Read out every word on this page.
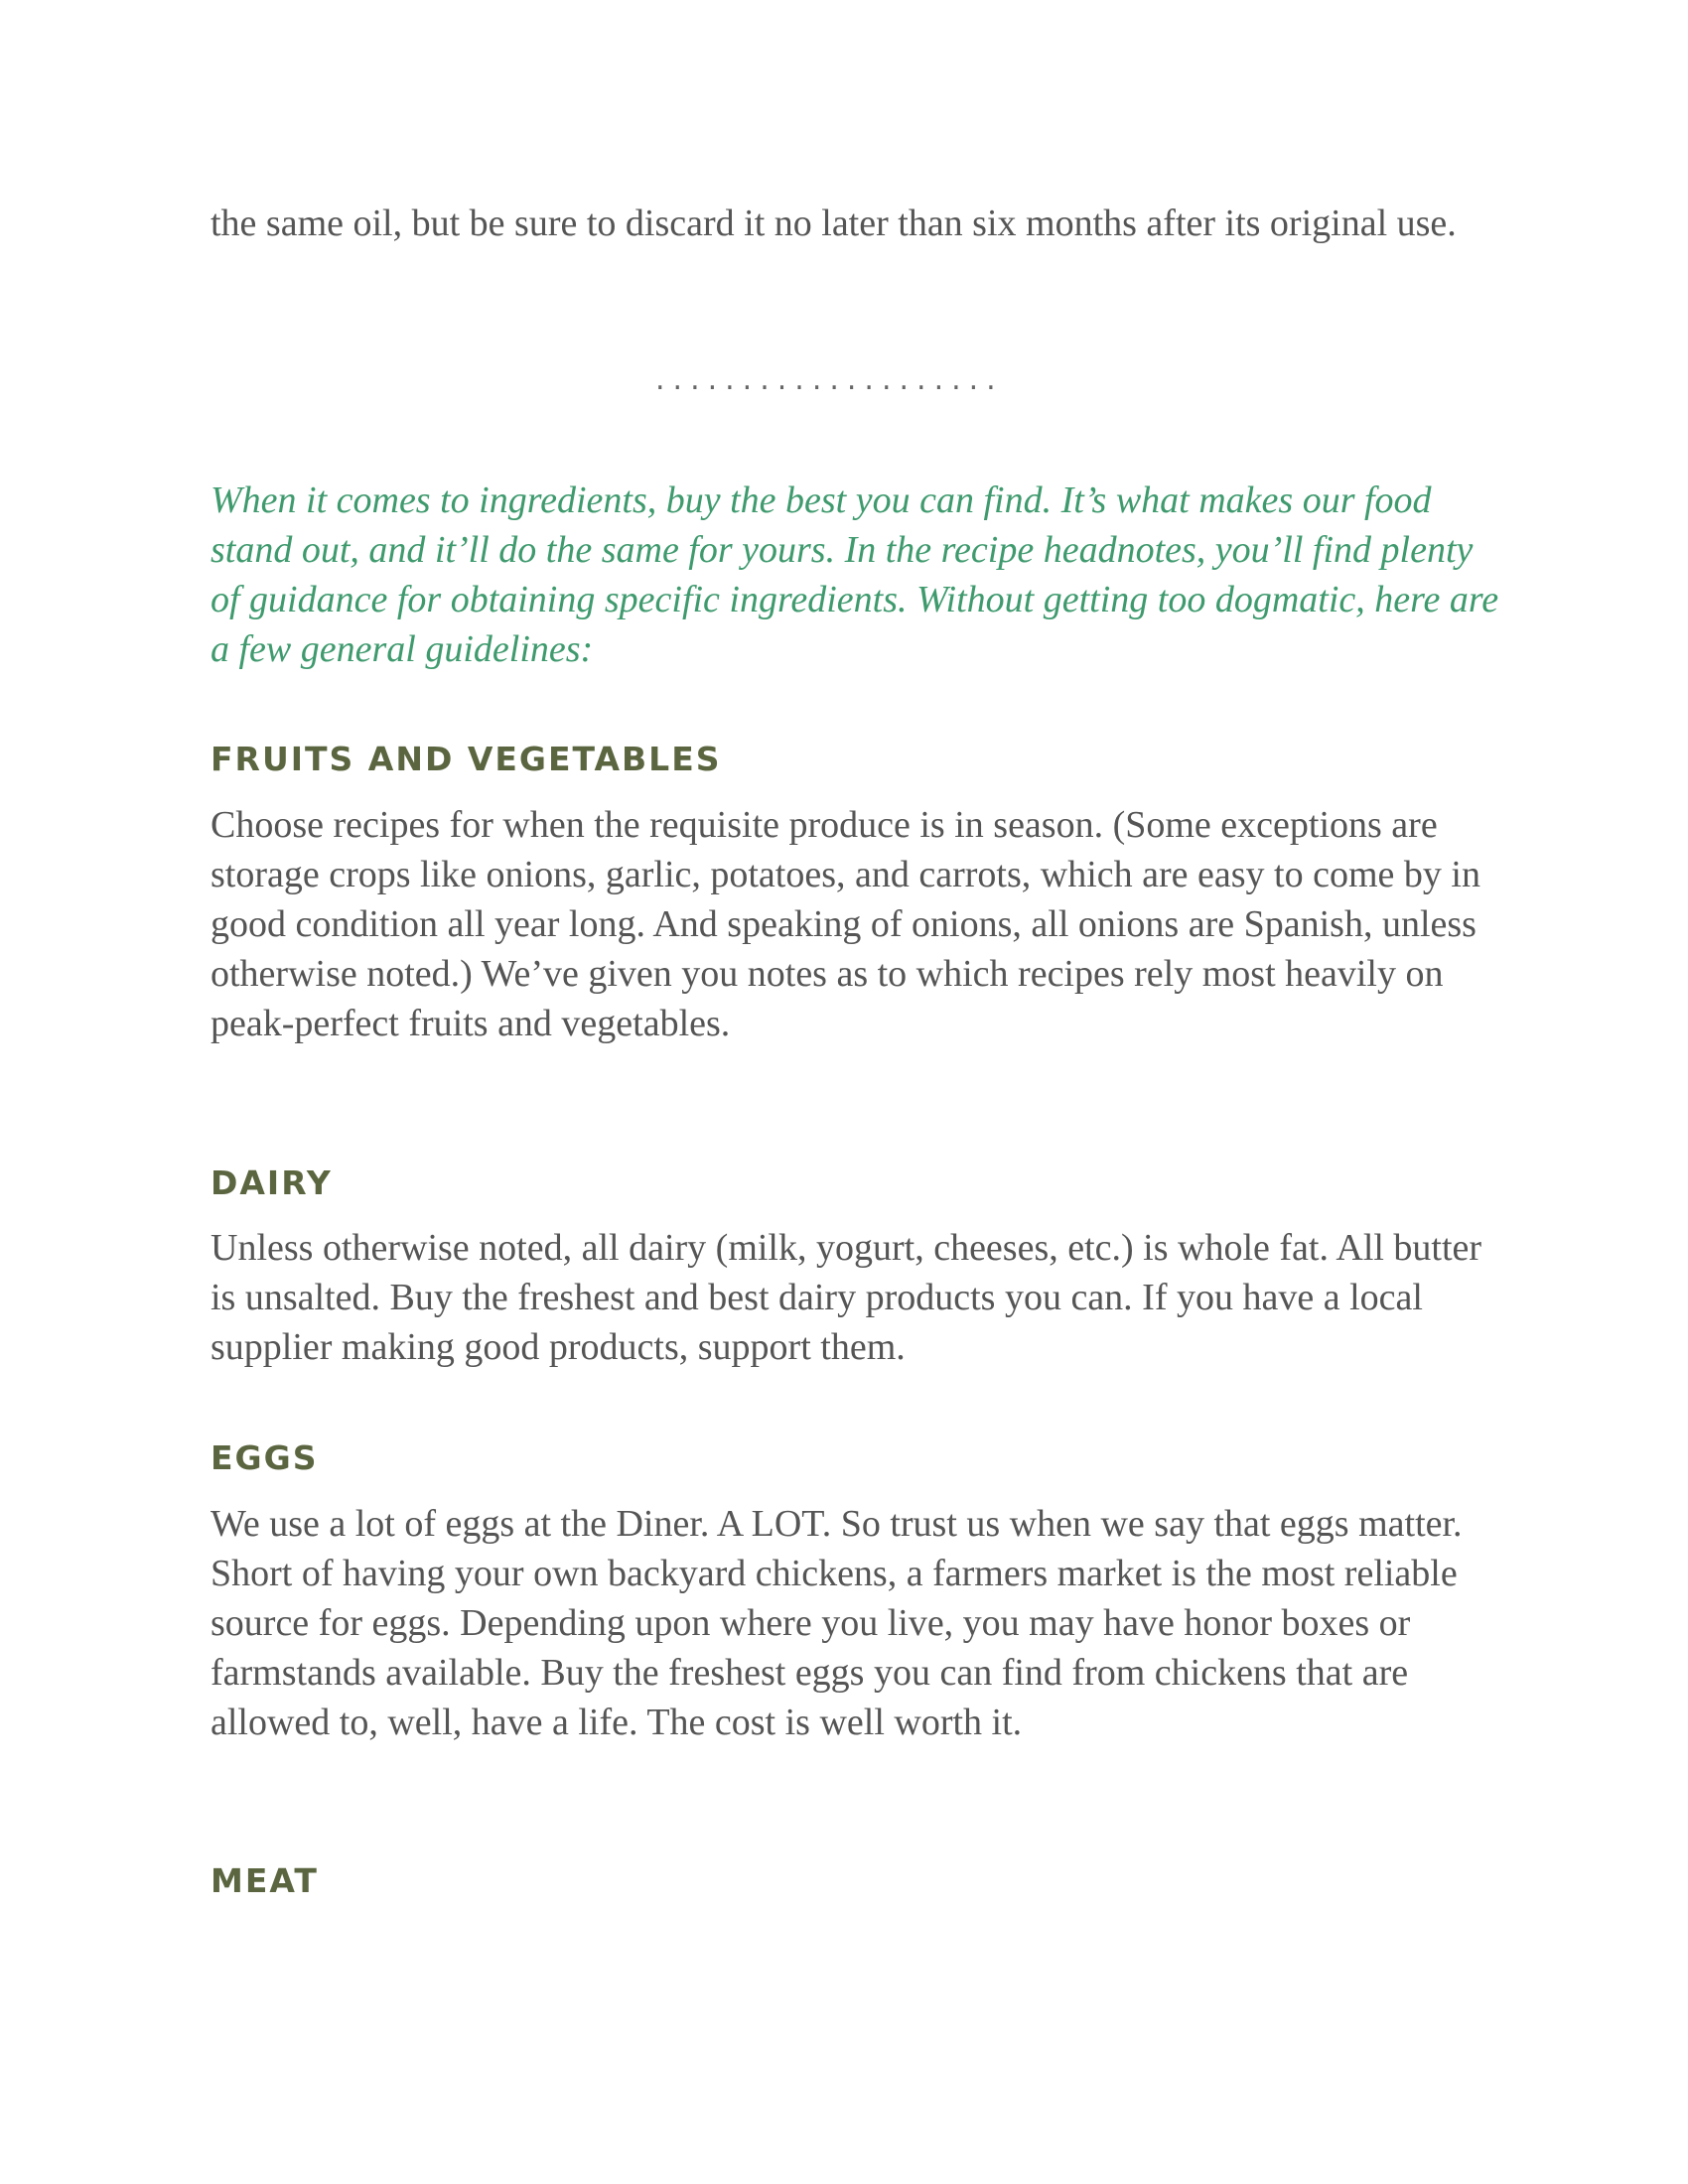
the same oil, but be sure to discard it no later than six months after its original use.

....................

When it comes to ingredients, buy the best you can find. It’s what makes our food stand out, and it’ll do the same for yours. In the recipe headnotes, you’ll find plenty of guidance for obtaining specific ingredients. Without getting too dogmatic, here are a few general guidelines:

FRUITS AND VEGETABLES

Choose recipes for when the requisite produce is in season. (Some exceptions are storage crops like onions, garlic, potatoes, and carrots, which are easy to come by in good condition all year long. And speaking of onions, all onions are Spanish, unless otherwise noted.) We’ve given you notes as to which recipes rely most heavily on peak-perfect fruits and vegetables.

DAIRY

Unless otherwise noted, all dairy (milk, yogurt, cheeses, etc.) is whole fat. All butter is unsalted. Buy the freshest and best dairy products you can. If you have a local supplier making good products, support them.

EGGS

We use a lot of eggs at the Diner. A LOT. So trust us when we say that eggs matter. Short of having your own backyard chickens, a farmers market is the most reliable source for eggs. Depending upon where you live, you may have honor boxes or farmstands available. Buy the freshest eggs you can find from chickens that are allowed to, well, have a life. The cost is well worth it.

MEAT
